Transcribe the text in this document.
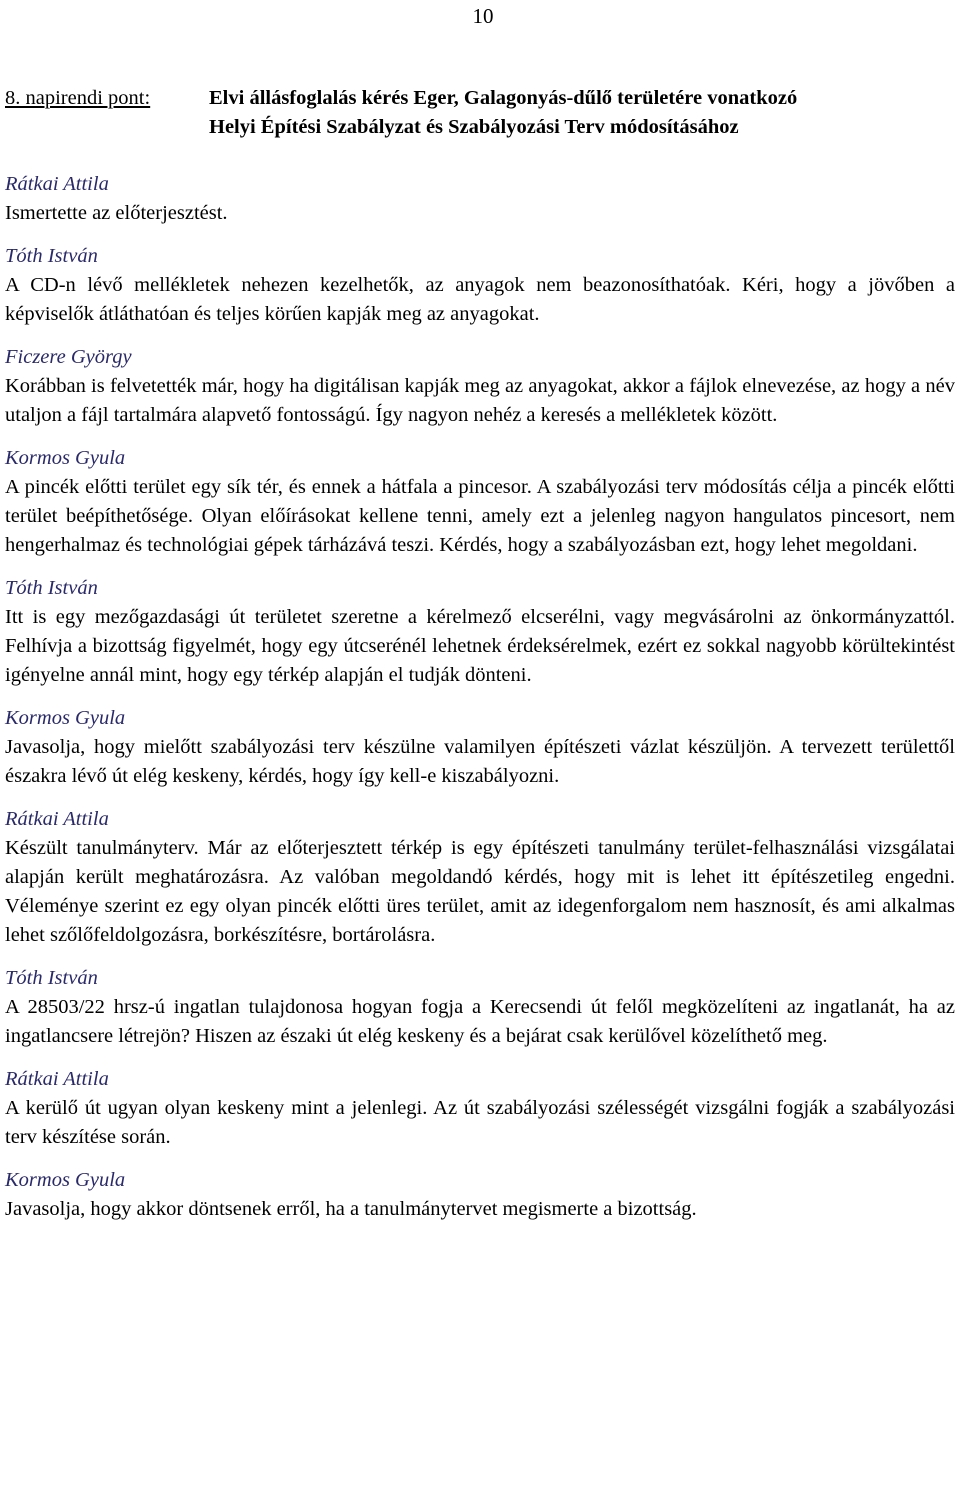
10
8. napirendi pont:	Elvi állásfoglalás kérés Eger, Galagonyás-dűlő területére vonatkozó
Helyi Építési Szabályzat és Szabályozási Terv módosításához

Rátkai Attila

Ismertette az előterjesztést.

Tóth István

A CD-n lévő mellékletek nehezen kezelhetők, az anyagok nem beazonosíthatóak. Kéri, hogy a jövőben a képviselők átláthatóan és teljes körűen kapják meg az anyagokat.

Ficzere György

Korábban is felvetették már, hogy ha digitálisan kapják meg az anyagokat, akkor a fájlok elnevezése, az hogy a név utaljon a fájl tartalmára alapvető fontosságú. Így nagyon nehéz a keresés a mellékletek között.

Kormos Gyula

A pincék előtti terület egy sík tér, és ennek a hátfala a pincesor. A szabályozási terv módosítás célja a pincék előtti terület beépíthetősége. Olyan előírásokat kellene tenni, amely ezt a jelenleg nagyon hangulatos pincesort, nem hengerhalmaz és technológiai gépek tárházává teszi. Kérdés, hogy a szabályozásban ezt, hogy lehet megoldani.

Tóth István

Itt is egy mezőgazdasági út területet szeretne a kérelmező elcserélni, vagy megvásárolni az önkormányzattól. Felhívja a bizottság figyelmét, hogy egy útcserénél lehetnek érdeksérelmek, ezért ez sokkal nagyobb körültekintést igényelne annál mint, hogy egy térkép alapján el tudják dönteni.

Kormos Gyula

Javasolja, hogy mielőtt szabályozási terv készülne valamilyen építészeti vázlat készüljön. A tervezett területtől északra lévő út elég keskeny, kérdés, hogy így kell-e kiszabályozni.

Rátkai Attila

Készült tanulmányterv. Már az előterjesztett térkép is egy építészeti tanulmány terület-felhasználási vizsgálatai alapján került meghatározásra. Az valóban megoldandó kérdés, hogy mit is lehet itt építészetileg engedni. Véleménye szerint ez egy olyan pincék előtti üres terület, amit az idegenforgalom nem hasznosít, és ami alkalmas lehet szőlőfeldolgozásra, borkészítésre, bortárolásra.

Tóth István

A 28503/22 hrsz-ú ingatlan tulajdonosa hogyan fogja a Kerecsendi út felől megközelíteni az ingatlanát, ha az ingatlancsere létrejön? Hiszen az északi út elég keskeny és a bejárat csak kerülővel közelíthető meg.

Rátkai Attila

A kerülő út ugyan olyan keskeny mint a jelenlegi. Az út szabályozási szélességét vizsgálni fogják a szabályozási terv készítése során.

Kormos Gyula

Javasolja, hogy akkor döntsenek erről, ha a tanulmánytervet megismerte a bizottság.
